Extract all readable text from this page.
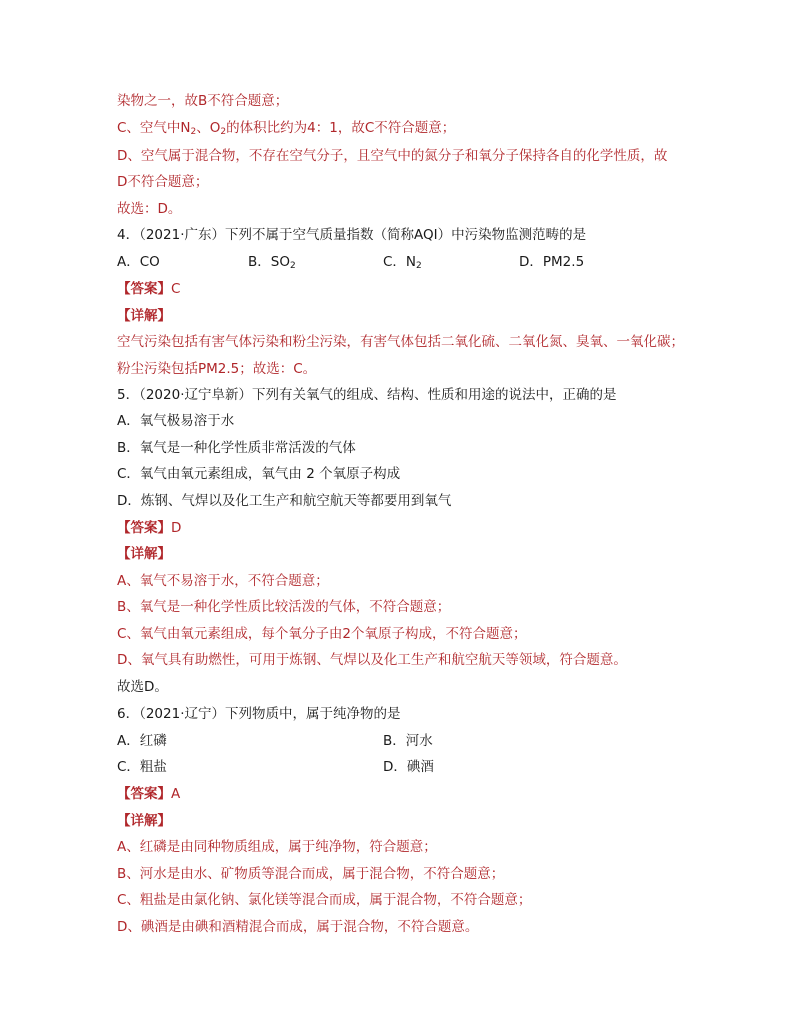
染物之一，故B不符合题意；
C、空气中$N_2$、$O_2$的体积比约为4：1，故C不符合题意；
D、空气属于混合物，不存在空气分子，且空气中的氮分子和氧分子保持各自的化学性质，故
D不符合题意；
故选：D。
4．（2021·广东）下列不属于空气质量指数（简称AQI）中污染物监测范畴的是
A．CO	B．$SO_2$	C．$N_2$	D．PM2.5
【答案】C
【详解】
空气污染包括有害气体污染和粉尘污染，有害气体包括二氧化硫、二氧化氮、臭氧、一氧化碳；
粉尘污染包括PM2.5；故选：C。
5．（2020·辽宁阜新）下列有关氧气的组成、结构、性质和用途的说法中，正确的是
A．氧气极易溶于水
B．氧气是一种化学性质非常活泼的气体
C．氧气由氧元素组成，氧气由 2 个氧原子构成
D．炼钢、气焊以及化工生产和航空航天等都要用到氧气
【答案】D
【详解】
A、氧气不易溶于水，不符合题意；
B、氧气是一种化学性质比较活泼的气体，不符合题意；
C、氧气由氧元素组成，每个氧分子由2个氧原子构成，不符合题意；
D、氧气具有助燃性，可用于炼钢、气焊以及化工生产和航空航天等领域，符合题意。
故选D。
6．（2021·辽宁）下列物质中，属于纯净物的是
A．红磷	B．河水
C．粗盐	D．碘酒
【答案】A
【详解】
A、红磷是由同种物质组成，属于纯净物，符合题意；
B、河水是由水、矿物质等混合而成，属于混合物，不符合题意；
C、粗盐是由氯化钠、氯化镁等混合而成，属于混合物，不符合题意；
D、碘酒是由碘和酒精混合而成，属于混合物，不符合题意。
